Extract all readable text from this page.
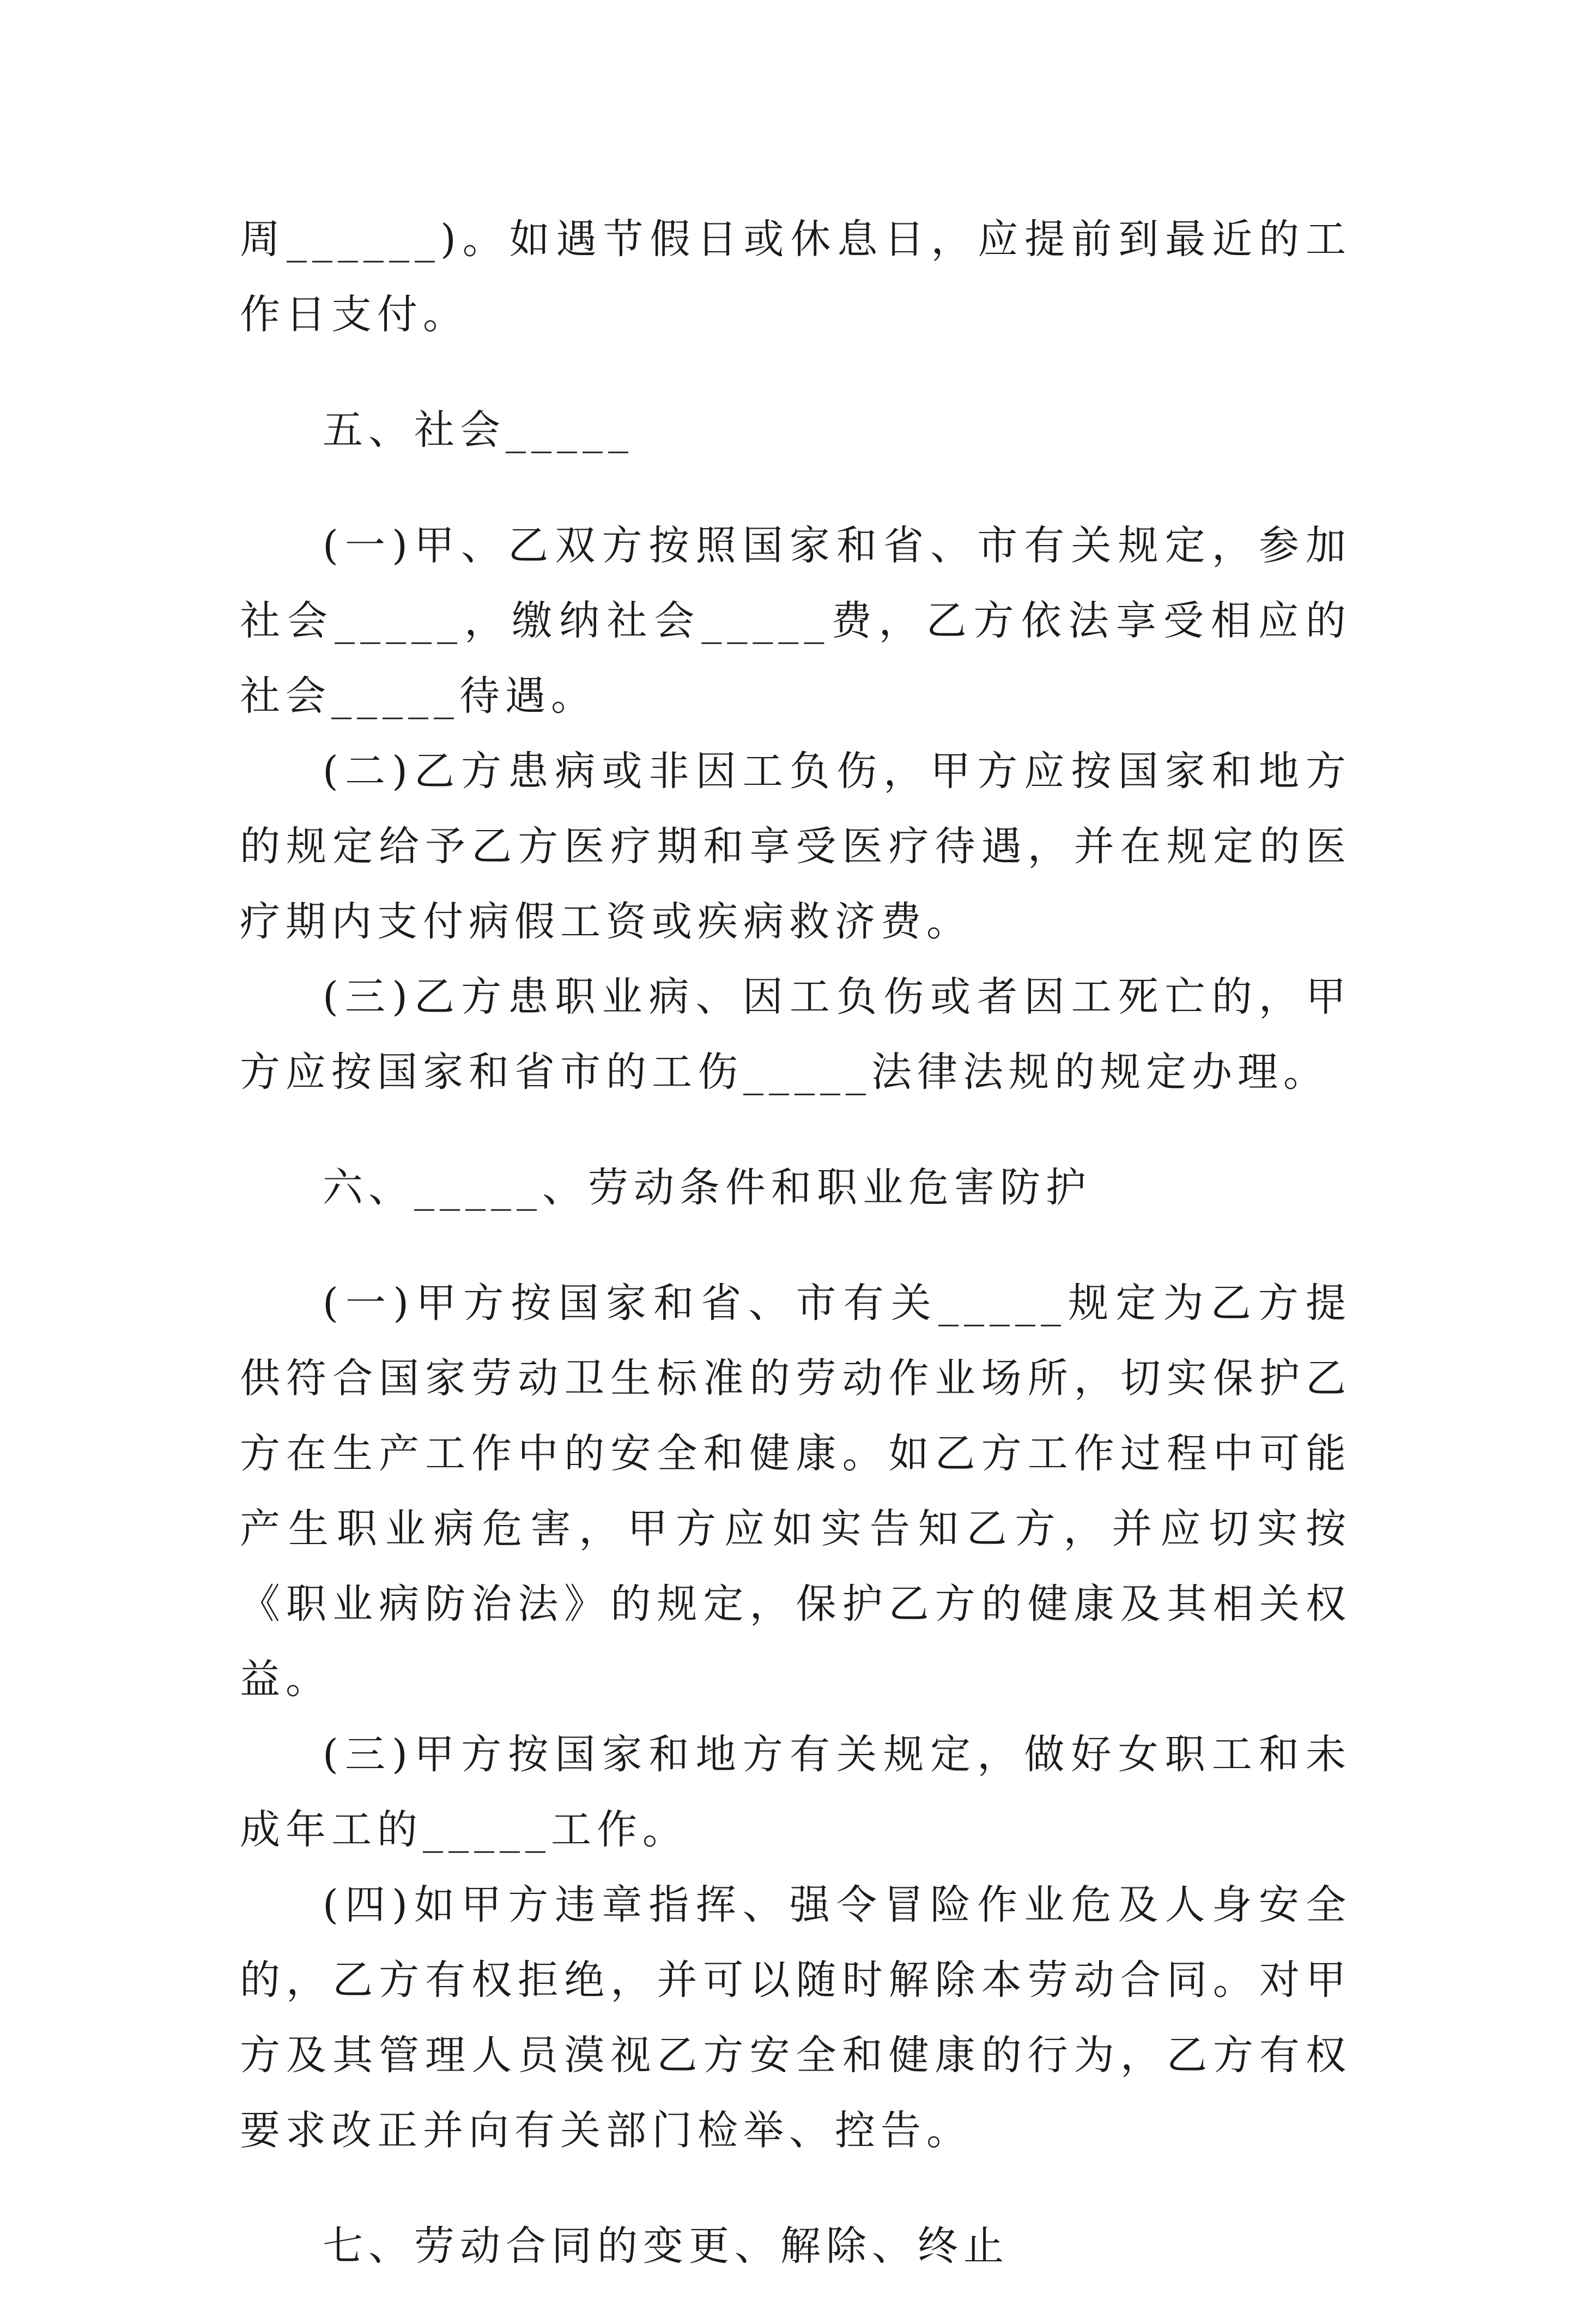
周______)。如遇节假日或休息日，应提前到最近的工作日支付。

五、社会_____

(一)甲、乙双方按照国家和省、市有关规定，参加社会_____，缴纳社会_____费，乙方依法享受相应的社会_____待遇。

(二)乙方患病或非因工负伤，甲方应按国家和地方的规定给予乙方医疗期和享受医疗待遇，并在规定的医疗期内支付病假工资或疾病救济费。

(三)乙方患职业病、因工负伤或者因工死亡的，甲方应按国家和省市的工伤_____法律法规的规定办理。

六、_____、劳动条件和职业危害防护

(一)甲方按国家和省、市有关_____规定为乙方提供符合国家劳动卫生标准的劳动作业场所，切实保护乙方在生产工作中的安全和健康。如乙方工作过程中可能产生职业病危害，甲方应如实告知乙方，并应切实按《职业病防治法》的规定，保护乙方的健康及其相关权益。

(三)甲方按国家和地方有关规定，做好女职工和未成年工的_____工作。

(四)如甲方违章指挥、强令冒险作业危及人身安全的，乙方有权拒绝，并可以随时解除本劳动合同。对甲方及其管理人员漠视乙方安全和健康的行为，乙方有权要求改正并向有关部门检举、控告。

七、劳动合同的变更、解除、终止
